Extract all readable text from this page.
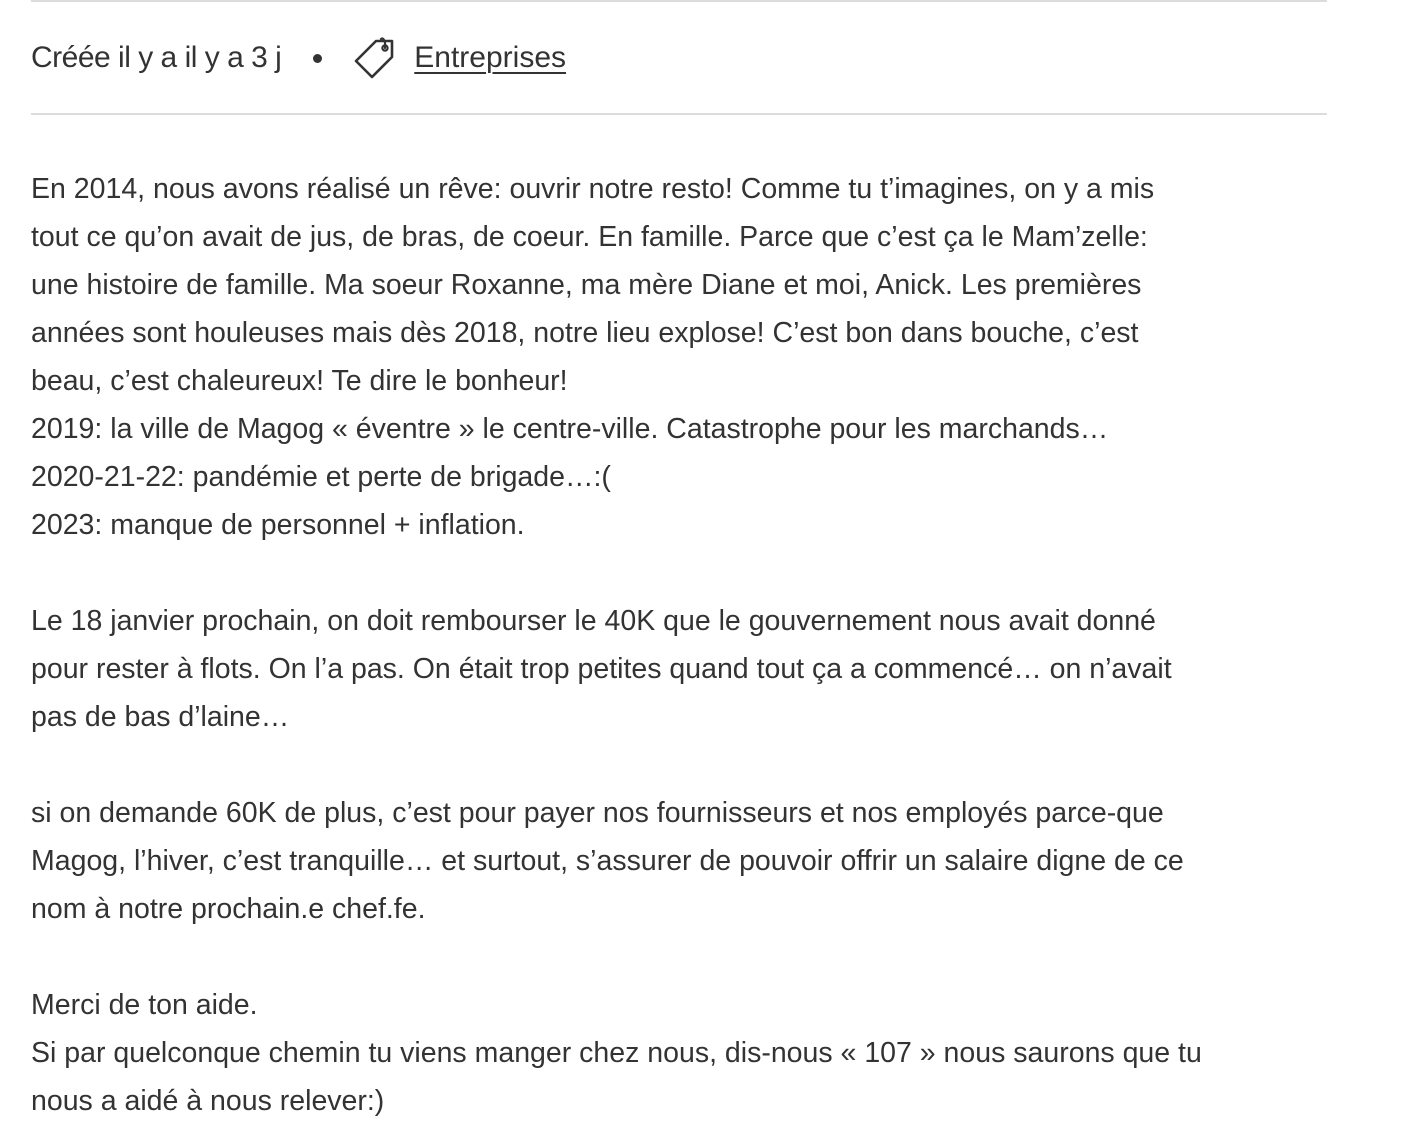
Créée il y a il y a 3 j	Entreprises
En 2014, nous avons réalisé un rêve: ouvrir notre resto! Comme tu t’imagines, on y a mis
tout ce qu’on avait de jus, de bras, de coeur. En famille. Parce que c’est ça le Mam’zelle:
une histoire de famille. Ma soeur Roxanne, ma mère Diane et moi, Anick. Les premières
années sont houleuses mais dès 2018, notre lieu explose! C’est bon dans bouche, c’est
beau, c’est chaleureux! Te dire le bonheur!
2019: la ville de Magog « éventre » le centre-ville. Catastrophe pour les marchands…
2020-21-22: pandémie et perte de brigade…:(
2023: manque de personnel + inflation.

Le 18 janvier prochain, on doit rembourser le 40K que le gouvernement nous avait donné
pour rester à flots. On l’a pas. On était trop petites quand tout ça a commencé… on n’avait
pas de bas d’laine…

si on demande 60K de plus, c’est pour payer nos fournisseurs et nos employés parce-que
Magog, l’hiver, c’est tranquille… et surtout, s’assurer de pouvoir offrir un salaire digne de ce
nom à notre prochain.e chef.fe.

Merci de ton aide.
Si par quelconque chemin tu viens manger chez nous, dis-nous « 107 » nous saurons que tu
nous a aidé à nous relever:)
